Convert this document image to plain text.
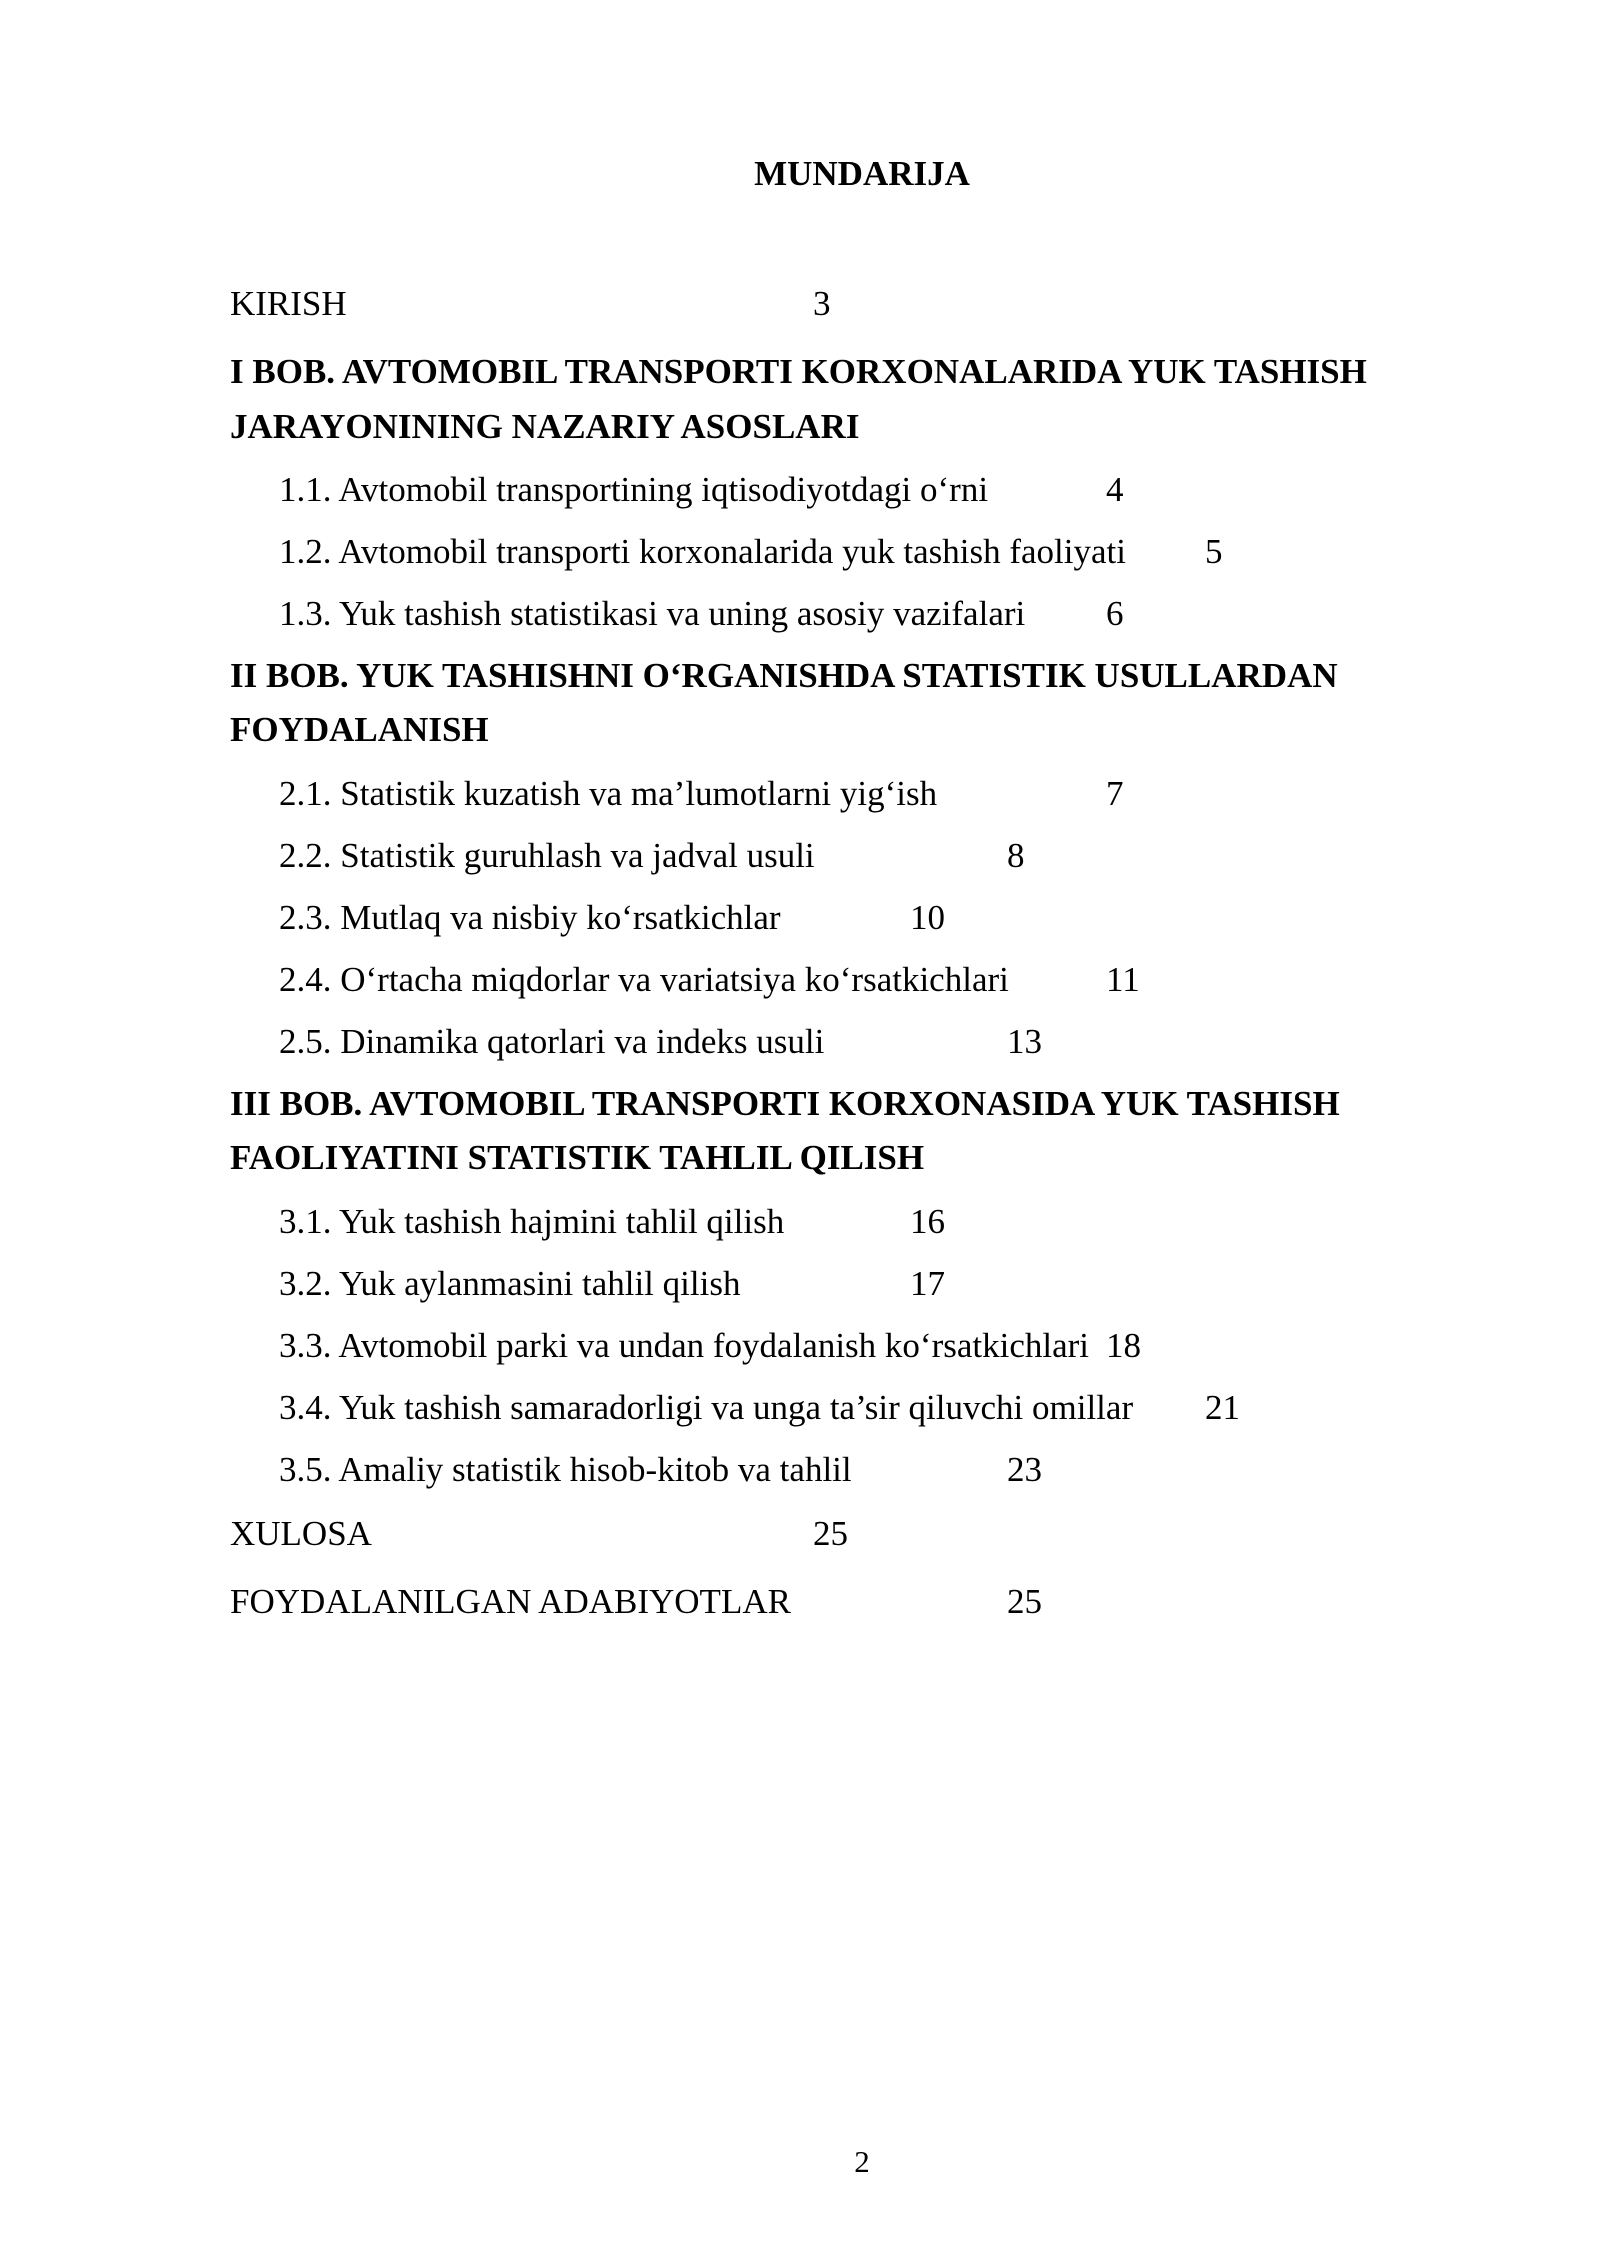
MUNDARIJA
KIRISH	3
I BOB. AVTOMOBIL TRANSPORTI KORXONALARIDA YUK TASHISH
JARAYONINING NAZARIY ASOSLARI
1.1. Avtomobil transportining iqtisodiyotdagi o‘rni	4
1.2. Avtomobil transporti korxonalarida yuk tashish faoliyati 5
1.3. Yuk tashish statistikasi va uning asosiy vazifalari 6
II BOB. YUK TASHISHNI O‘RGANISHDA STATISTIK USULLARDAN
FOYDALANISH
2.1. Statistik kuzatish va ma’lumotlarni yig‘ish	7
2.2. Statistik guruhlash va jadval usuli	8
2.3. Mutlaq va nisbiy ko‘rsatkichlar	10
2.4. O‘rtacha miqdorlar va variatsiya ko‘rsatkichlari	11
2.5. Dinamika qatorlari va indeks usuli	13
III BOB. AVTOMOBIL TRANSPORTI KORXONASIDA YUK TASHISH
FAOLIYATINI STATISTIK TAHLIL QILISH
3.1. Yuk tashish hajmini tahlil qilish	16
3.2. Yuk aylanmasini tahlil qilish	17
3.3. Avtomobil parki va undan foydalanish ko‘rsatkichlari 18
3.4. Yuk tashish samaradorligi va unga ta’sir qiluvchi omillar 21
3.5. Amaliy statistik hisob-kitob va tahlil	23
XULOSA	25
FOYDALANILGAN ADABIYOTLAR	25
2
